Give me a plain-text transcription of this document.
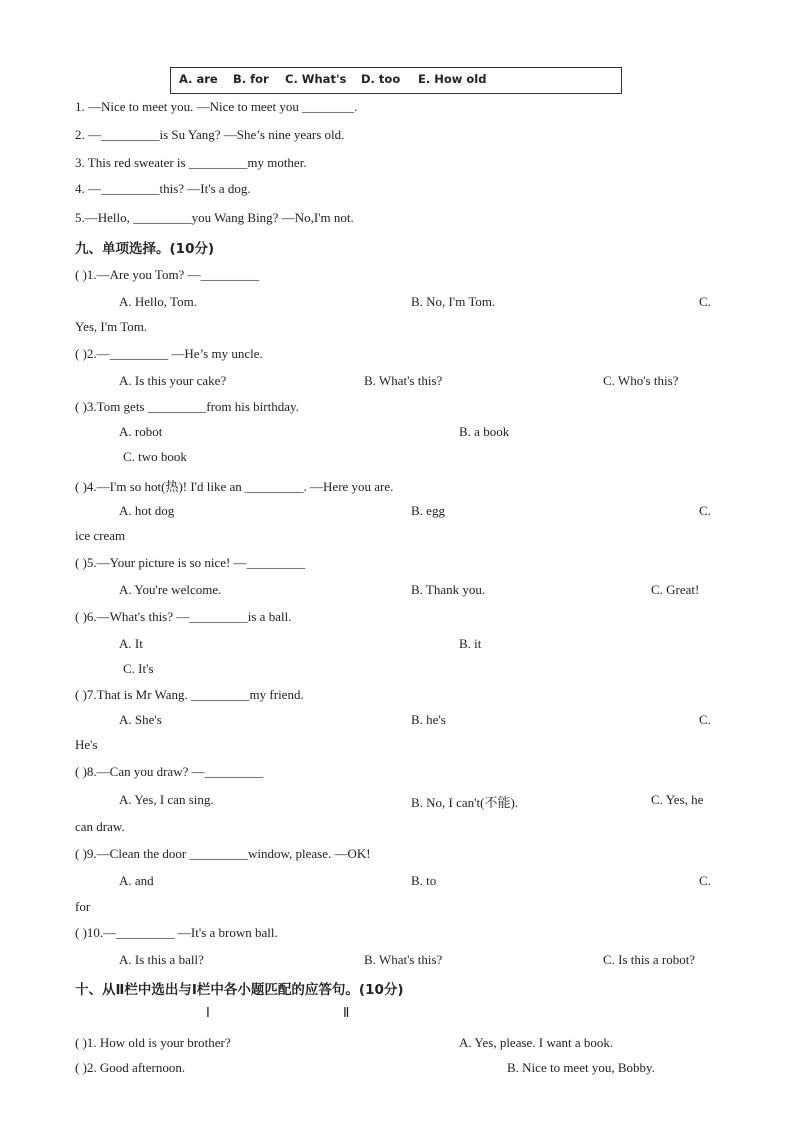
A. are B. for C. What's D. too E. How old
1. —Nice to meet you. —Nice to meet you ________.
2. —_________is Su Yang? —She’s nine years old.
3. This red sweater is _________my mother.
4. —_________this? —It's a dog.
5.—Hello, _________you Wang Bing? —No,I'm not.
九、单项选择。(10分)
( )1.—Are you Tom? —_________
A. Hello, Tom.	B. No, I'm Tom.	C.
Yes, I'm Tom.
( )2.—_________ —He’s my uncle.
A. Is this your cake?	B. What's this?	C. Who's this?
( )3.Tom gets _________from his birthday.
A. robot	B. a book
C. two book
( )4.—I'm so hot(热)! I'd like an _________. —Here you are.
A. hot dog	B. egg	C.
ice cream
( )5.—Your picture is so nice! —_________
A. You're welcome.	B. Thank you.	C. Great!
( )6.—What's this? —_________is a ball.
A. It	B. it
C. It's
( )7.That is Mr Wang. _________my friend.
A. She's	B. he's	C.
He's
( )8.—Can you draw? —_________
A. Yes, I can sing.	B. No, I can't(不能).	C. Yes, he
can draw.
( )9.—Clean the door _________window, please. —OK!
A. and	B. to	C.
for
( )10.—_________ —It's a brown ball.
A. Is this a ball?	B. What's this?	C. Is this a robot?
十、从Ⅱ栏中选出与Ⅰ栏中各小题匹配的应答句。(10分)
Ⅰ	Ⅱ
( )1. How old is your brother?	A. Yes, please. I want a book.
( )2. Good afternoon.	B. Nice to meet you, Bobby.
